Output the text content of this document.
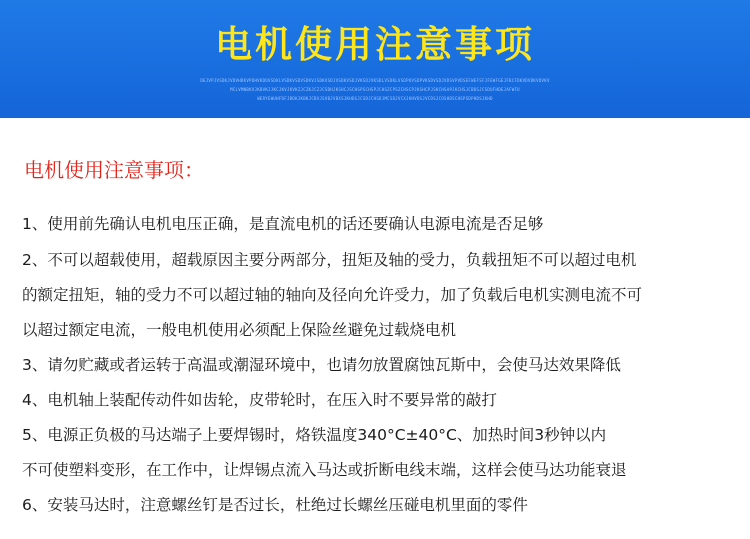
电机使用注意事项
DEJVPJVSDKJVDVHDKVPDHVKDOVSDKLVSDKVSDVSDKVJSDKVSDJVSDKVSDJVKSDJVKSDLVSDKLVSDPKVSDPVKSDVSDJVDSVPVDSEFWEFSFJFEWFGEJFBCFDKVDVDKVDVKV
MCLVMNBKVJKBVKJJKCJKVJKVKZJCZKJCZJCSDHJKSHCJSCHSPSCHSPJCHSZCPSZCHSCPJKSHCPJSKCHSAPJKCHSJCBDSJCSDUFHDEJAFWFU
WERYEWUHFDFJBDKJKBKJCBVJSVBJVBXSJKHDSJCSDJCHSDJMCSDJVCXJKHVDSJVCDSJCOSHDSCHSPSDPHDSJKHD
电机使用注意事项：
1、使用前先确认电机电压正确，是直流电机的话还要确认电源电流是否足够
2、不可以超载使用，超载原因主要分两部分，扭矩及轴的受力，负载扭矩不可以超过电机
的额定扭矩，轴的受力不可以超过轴的轴向及径向允许受力，加了负载后电机实测电流不可
以超过额定电流，一般电机使用必须配上保险丝避免过载烧电机
3、请勿贮藏或者运转于高温或潮湿环境中，也请勿放置腐蚀瓦斯中，会使马达效果降低
4、电机轴上装配传动件如齿轮，皮带轮时，在压入时不要异常的敲打
5、电源正负极的马达端子上要焊锡时，烙铁温度340°C±40°C、加热时间3秒钟以内
不可使塑料变形，在工作中，让焊锡点流入马达或折断电线末端，这样会使马达功能衰退
6、安装马达时，注意螺丝钉是否过长，杜绝过长螺丝压碰电机里面的零件
